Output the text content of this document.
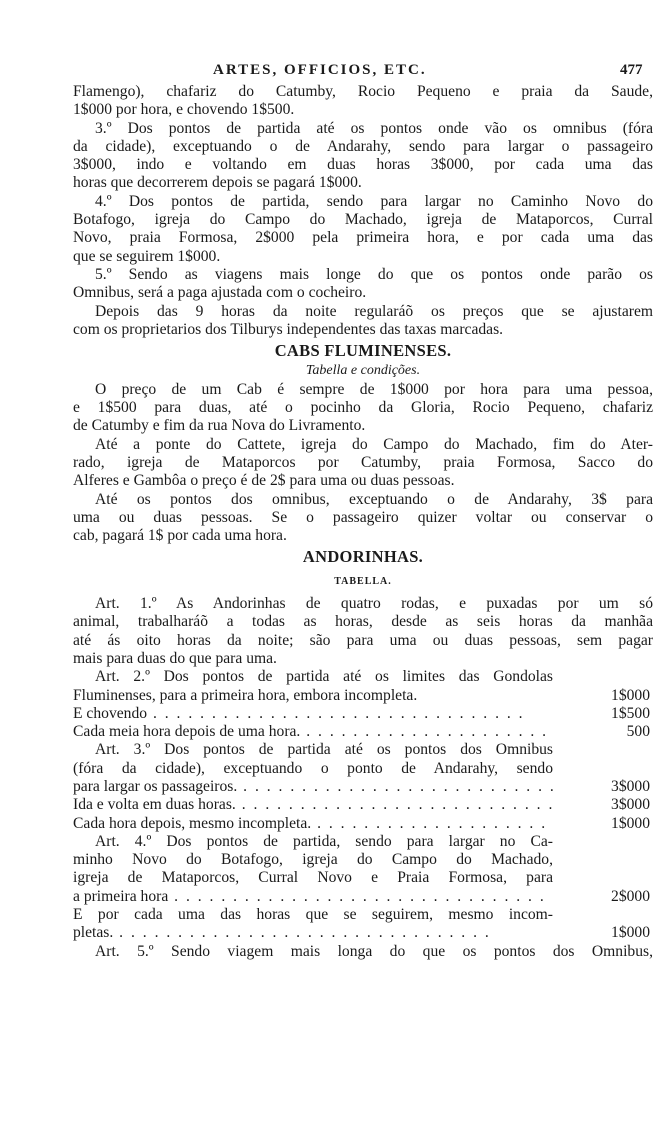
ARTES, OFFICIOS, ETC.	477
Flamengo), chafariz do Catumby, Rocio Pequeno e praia da Saude,
1$000 por hora, e chovendo 1$500.
3.º Dos pontos de partida até os pontos onde vão os omnibus (fóra
da cidade), exceptuando o de Andarahy, sendo para largar o passageiro
3$000, indo e voltando em duas horas 3$000, por cada uma das
horas que decorrerem depois se pagará 1$000.
4.º Dos pontos de partida, sendo para largar no Caminho Novo do
Botafogo, igreja do Campo do Machado, igreja de Mataporcos, Curral
Novo, praia Formosa, 2$000 pela primeira hora, e por cada uma das
que se seguirem 1$000.
5.º Sendo as viagens mais longe do que os pontos onde parão os
Omnibus, será a paga ajustada com o cocheiro.
Depois das 9 horas da noite regularáõ os preços que se ajustarem
com os proprietarios dos Tilburys independentes das taxas marcadas.
CABS FLUMINENSES.
Tabella e condições.
O preço de um Cab é sempre de 1$000 por hora para uma pessoa,
e 1$500 para duas, até o pocinho da Gloria, Rocio Pequeno, chafariz
de Catumby e fim da rua Nova do Livramento.
Até a ponte do Cattete, igreja do Campo do Machado, fim do Ater-
rado, igreja de Mataporcos por Catumby, praia Formosa, Sacco do
Alferes e Gambôa o preço é de 2$ para uma ou duas pessoas.
Até os pontos dos omnibus, exceptuando o de Andarahy, 3$ para
uma ou duas pessoas. Se o passageiro quizer voltar ou conservar o
cab, pagará 1$ por cada uma hora.
ANDORINHAS.
TABELLA.
Art. 1.º As Andorinhas de quatro rodas, e puxadas por um só
animal, trabalharáõ a todas as horas, desde as seis horas da manhãa
até ás oito horas da noite; são para uma ou duas pessoas, sem pagar
mais para duas do que para uma.
Art. 2.º Dos pontos de partida até os limites das Gondolas
Fluminenses, para a primeira hora, embora incompleta.	1$000
E chovendo . .	1$500
Cada meia hora depois de uma hora. . .	500
Art. 3.º Dos pontos de partida até os pontos dos Omnibus
(fóra da cidade), exceptuando o ponto de Andarahy, sendo
para largar os passageiros. . .	3$000
Ida e volta em duas horas. . .	3$000
Cada hora depois, mesmo incompleta. . .	1$000
Art. 4.º Dos pontos de partida, sendo para largar no Ca-
minho Novo do Botafogo, igreja do Campo do Machado,
igreja de Mataporcos, Curral Novo e Praia Formosa, para
a primeira hora . .	2$000
E por cada uma das horas que se seguirem, mesmo incom-
pletas. . .	1$000
Art. 5.º Sendo viagem mais longa do que os pontos dos Omnibus,
